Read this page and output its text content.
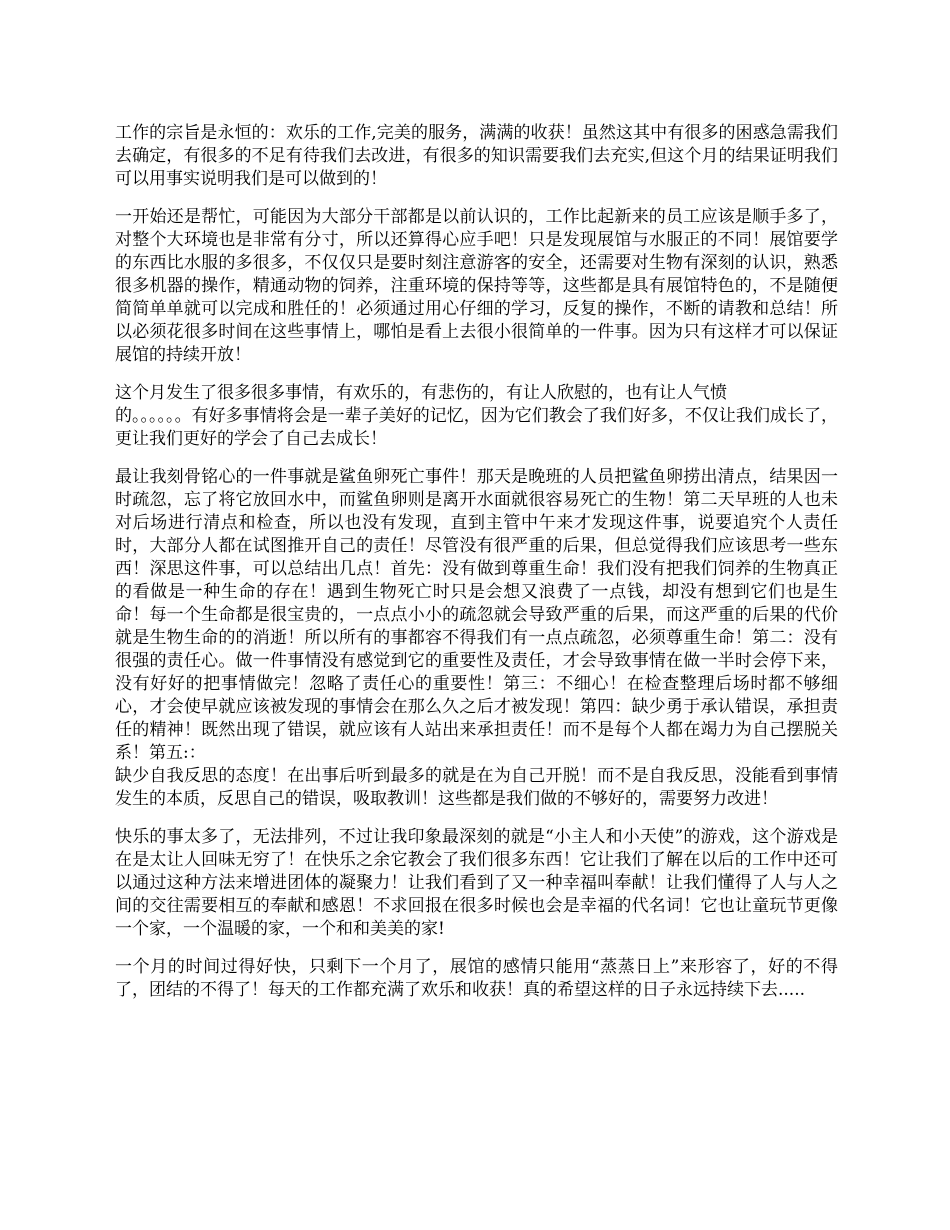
工作的宗旨是永恒的：欢乐的工作,完美的服务，满满的收获！虽然这其中有很多的困惑急需我们去确定，有很多的不足有待我们去改进，有很多的知识需要我们去充实,但这个月的结果证明我们可以用事实说明我们是可以做到的！

一开始还是帮忙，可能因为大部分干部都是以前认识的，工作比起新来的员工应该是顺手多了，对整个大环境也是非常有分寸，所以还算得心应手吧！只是发现展馆与水服正的不同！展馆要学的东西比水服的多很多，不仅仅只是要时刻注意游客的安全，还需要对生物有深刻的认识，熟悉很多机器的操作，精通动物的饲养，注重环境的保持等等，这些都是具有展馆特色的，不是随便简简单单就可以完成和胜任的！必须通过用心仔细的学习，反复的操作，不断的请教和总结！所以必须花很多时间在这些事情上，哪怕是看上去很小很简单的一件事。因为只有这样才可以保证展馆的持续开放！

这个月发生了很多很多事情，有欢乐的，有悲伤的，有让人欣慰的，也有让人气愤
的。。。。。。有好多事情将会是一辈子美好的记忆，因为它们教会了我们好多，不仅让我们成长了，更让我们更好的学会了自己去成长！

最让我刻骨铭心的一件事就是鲨鱼卵死亡事件！那天是晚班的人员把鲨鱼卵捞出清点，结果因一时疏忽，忘了将它放回水中，而鲨鱼卵则是离开水面就很容易死亡的生物！第二天早班的人也未对后场进行清点和检查，所以也没有发现，直到主管中午来才发现这件事，说要追究个人责任时，大部分人都在试图推开自己的责任！尽管没有很严重的后果，但总觉得我们应该思考一些东西！深思这件事，可以总结出几点！首先：没有做到尊重生命！我们没有把我们饲养的生物真正的看做是一种生命的存在！遇到生物死亡时只是会想又浪费了一点钱，却没有想到它们也是生命！每一个生命都是很宝贵的，一点点小小的疏忽就会导致严重的后果，而这严重的后果的代价就是生物生命的的消逝！所以所有的事都容不得我们有一点点疏忽，必须尊重生命！第二：没有很强的责任心。做一件事情没有感觉到它的重要性及责任，才会导致事情在做一半时会停下来，没有好好的把事情做完！忽略了责任心的重要性！第三：不细心！在检查整理后场时都不够细心，才会使早就应该被发现的事情会在那么久之后才被发现！第四：缺少勇于承认错误，承担责任的精神！既然出现了错误，就应该有人站出来承担责任！而不是每个人都在竭力为自己摆脱关系！第五:：
缺少自我反思的态度！在出事后听到最多的就是在为自己开脱！而不是自我反思，没能看到事情发生的本质，反思自己的错误，吸取教训！这些都是我们做的不够好的，需要努力改进！

快乐的事太多了，无法排列，不过让我印象最深刻的就是“小主人和小天使”的游戏，这个游戏是在是太让人回味无穷了！在快乐之余它教会了我们很多东西！它让我们了解在以后的工作中还可以通过这种方法来增进团体的凝聚力！让我们看到了又一种幸福叫奉献！让我们懂得了人与人之间的交往需要相互的奉献和感恩！不求回报在很多时候也会是幸福的代名词！它也让童玩节更像一个家，一个温暖的家，一个和和美美的家!

一个月的时间过得好快，只剩下一个月了，展馆的感情只能用“蒸蒸日上”来形容了，好的不得了，团结的不得了！每天的工作都充满了欢乐和收获！真的希望这样的日子永远持续下去.....
